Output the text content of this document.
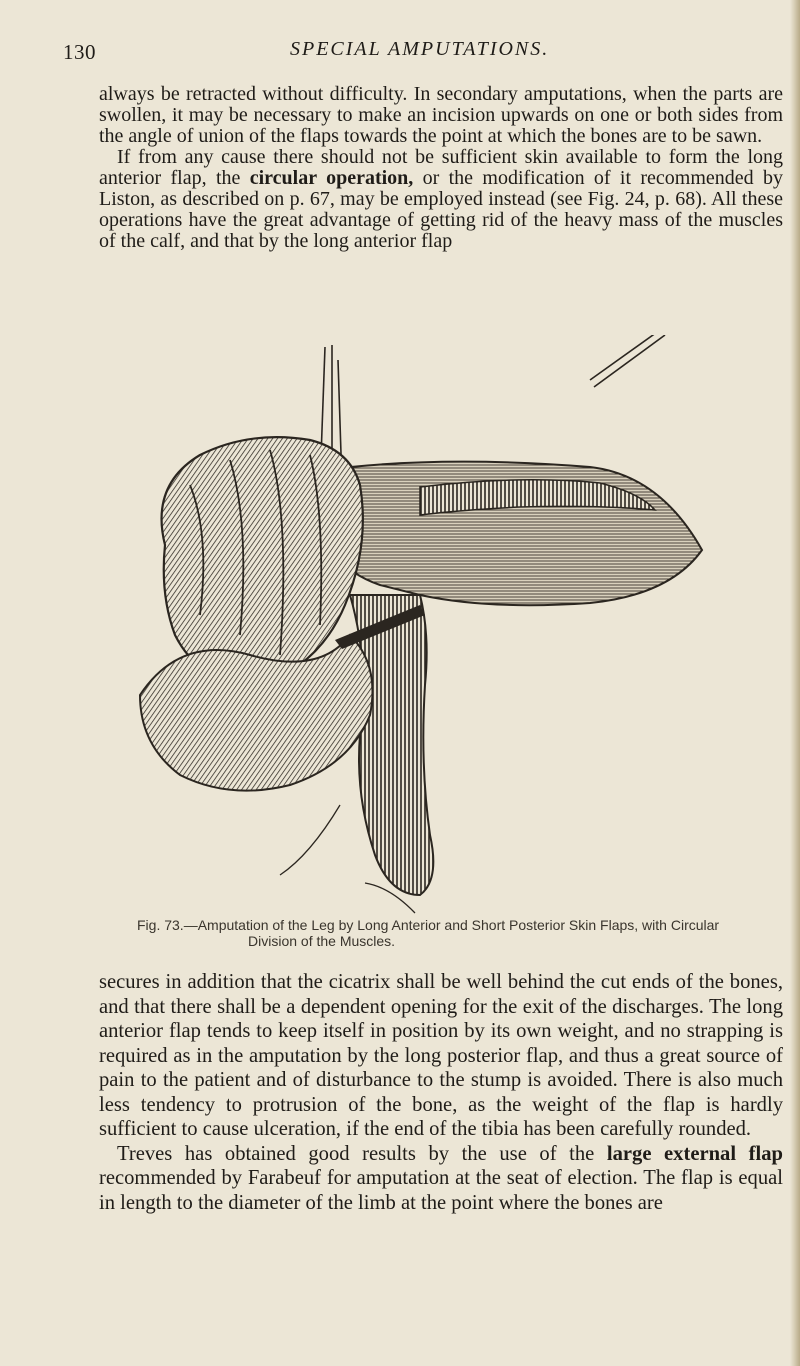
130	SPECIAL AMPUTATIONS.

always be retracted without difficulty. In secondary amputations, when the parts are swollen, it may be necessary to make an incision upwards on one or both sides from the angle of union of the flaps towards the point at which the bones are to be sawn.

If from any cause there should not be sufficient skin available to form the long anterior flap, the circular operation, or the modification of it recommended by Liston, as described on p. 67, may be employed instead (see Fig. 24, p. 68). All these operations have the great advantage of getting rid of the heavy mass of the muscles of the calf, and that by the long anterior flap

Fig. 73.—Amputation of the Leg by Long Anterior and Short Posterior Skin Flaps, with Circular
Division of the Muscles.

secures in addition that the cicatrix shall be well behind the cut ends of the bones, and that there shall be a dependent opening for the exit of the discharges. The long anterior flap tends to keep itself in position by its own weight, and no strapping is required as in the amputation by the long posterior flap, and thus a great source of pain to the patient and of disturbance to the stump is avoided. There is also much less tendency to protrusion of the bone, as the weight of the flap is hardly sufficient to cause ulceration, if the end of the tibia has been carefully rounded.

Treves has obtained good results by the use of the large external flap recommended by Farabeuf for amputation at the seat of election. The flap is equal in length to the diameter of the limb at the point where the bones are
